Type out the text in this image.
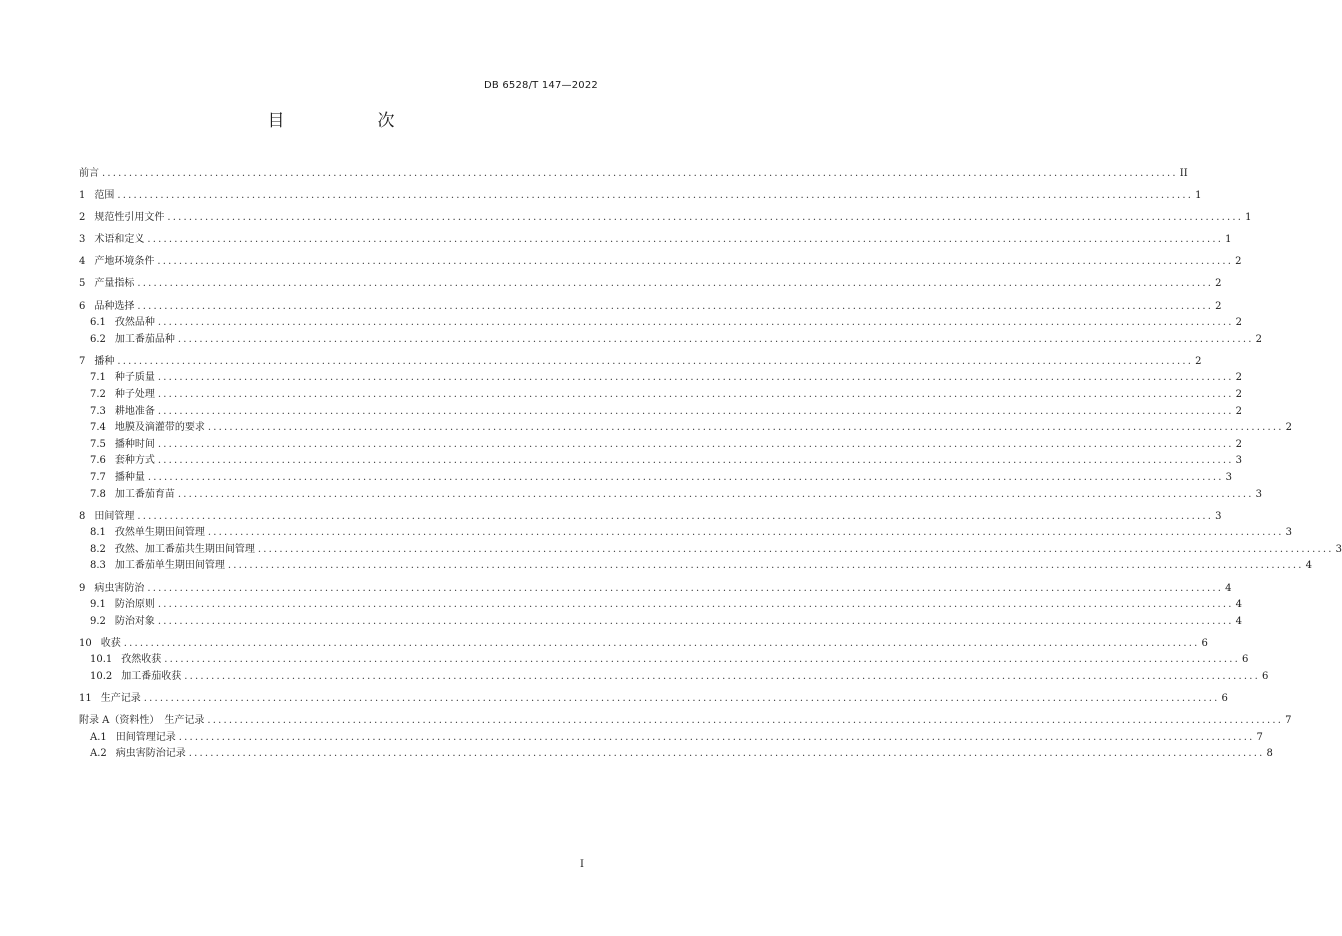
DB 6528/T 147—2022
目　次
前言 ........................................................................................................................................................................................................ II
1 范围 ........................................................................................................................................................................................................ 1
2 规范性引用文件 ........................................................................................................................................................................................................ 1
3 术语和定义 ........................................................................................................................................................................................................ 1
4 产地环境条件 ........................................................................................................................................................................................................ 2
5 产量指标 ........................................................................................................................................................................................................ 2
6 品种选择 ........................................................................................................................................................................................................ 2
6.1 孜然品种 ........................................................................................................................................................................................................ 2
6.2 加工番茄品种 ........................................................................................................................................................................................................ 2
7 播种 ........................................................................................................................................................................................................ 2
7.1 种子质量 ........................................................................................................................................................................................................ 2
7.2 种子处理 ........................................................................................................................................................................................................ 2
7.3 耕地准备 ........................................................................................................................................................................................................ 2
7.4 地膜及滴灌带的要求 ........................................................................................................................................................................................................ 2
7.5 播种时间 ........................................................................................................................................................................................................ 2
7.6 套种方式 ........................................................................................................................................................................................................ 3
7.7 播种量 ........................................................................................................................................................................................................ 3
7.8 加工番茄育苗 ........................................................................................................................................................................................................ 3
8 田间管理 ........................................................................................................................................................................................................ 3
8.1 孜然单生期田间管理 ........................................................................................................................................................................................................ 3
8.2 孜然、加工番茄共生期田间管理 ........................................................................................................................................................................................................ 3
8.3 加工番茄单生期田间管理 ........................................................................................................................................................................................................ 4
9 病虫害防治 ........................................................................................................................................................................................................ 4
9.1 防治原则 ........................................................................................................................................................................................................ 4
9.2 防治对象 ........................................................................................................................................................................................................ 4
10 收获 ........................................................................................................................................................................................................ 6
10.1 孜然收获 ........................................................................................................................................................................................................ 6
10.2 加工番茄收获 ........................................................................................................................................................................................................ 6
11 生产记录 ........................................................................................................................................................................................................ 6
附录 A（资料性）　生产记录 ........................................................................................................................................................................................................ 7
A.1 田间管理记录 ........................................................................................................................................................................................................ 7
A.2 病虫害防治记录 ........................................................................................................................................................................................................ 8
I
